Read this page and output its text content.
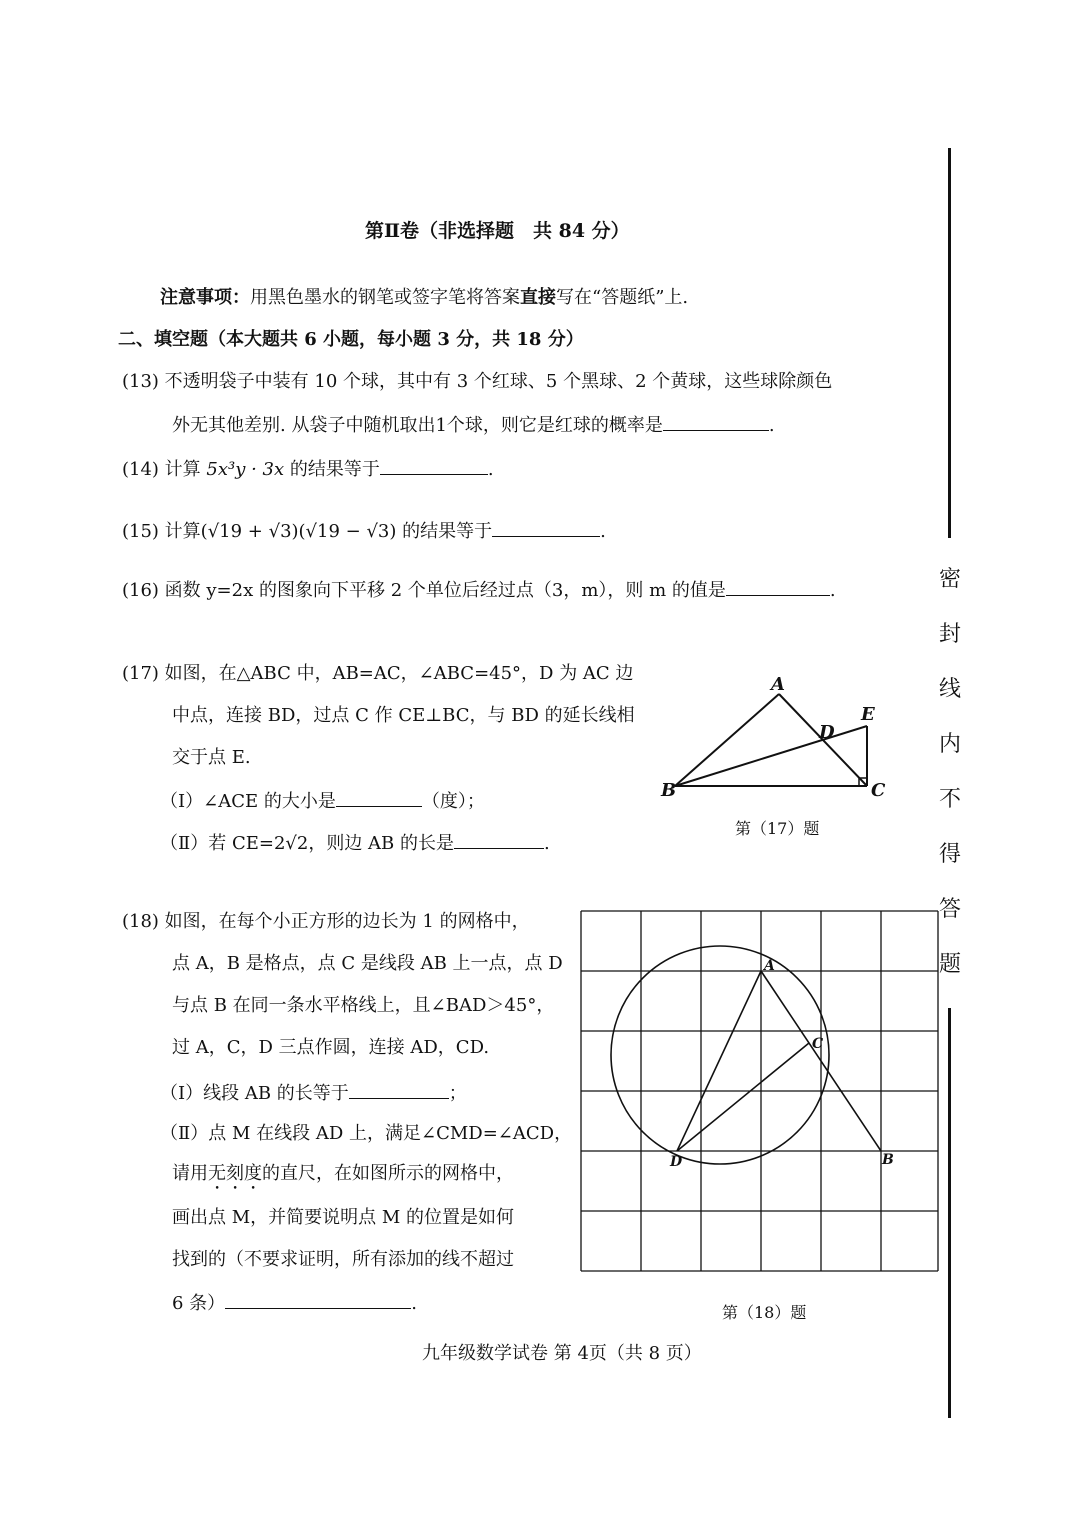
第Ⅱ卷（非选择题　共 84 分）
注意事项：用黑色墨水的钢笔或签字笔将答案直接写在“答题纸”上.
二、填空题（本大题共 6 小题，每小题 3 分，共 18 分）
(13) 不透明袋子中装有 10 个球，其中有 3 个红球、5 个黑球、2 个黄球，这些球除颜色
外无其他差别. 从袋子中随机取出1个球，则它是红球的概率是	.
(14) 计算 5x³y · 3x 的结果等于	.
(15) 计算(√19 + √3)(√19 − √3) 的结果等于	.
(16) 函数 y=2x 的图象向下平移 2 个单位后经过点（3，m），则 m 的值是	.
(17) 如图，在△ABC 中，AB=AC，∠ABC=45°，D 为 AC 边
中点，连接 BD，过点 C 作 CE⊥BC，与 BD 的延长线相
交于点 E.
（Ⅰ）∠ACE 的大小是	（度）；
（Ⅱ）若 CE=2√2，则边 AB 的长是	.
A
B	C
D
E
第（17）题
(18) 如图，在每个小正方形的边长为 1 的网格中，
点 A，B 是格点，点 C 是线段 AB 上一点，点 D
与点 B 在同一条水平格线上，且∠BAD＞45°，
过 A，C，D 三点作圆，连接 AD，CD.
（Ⅰ）线段 AB 的长等于	；
（Ⅱ）点 M 在线段 AD 上，满足∠CMD=∠ACD，
请用无刻度的直尺，在如图所示的网格中，
画出点 M，并简要说明点 M 的位置是如何
找到的（不要求证明，所有添加的线不超过
6 条）	.
A
B
C
D
第（18）题
九年级数学试卷 第 4页（共 8 页）
密
封
线
内
不
得
答
题
